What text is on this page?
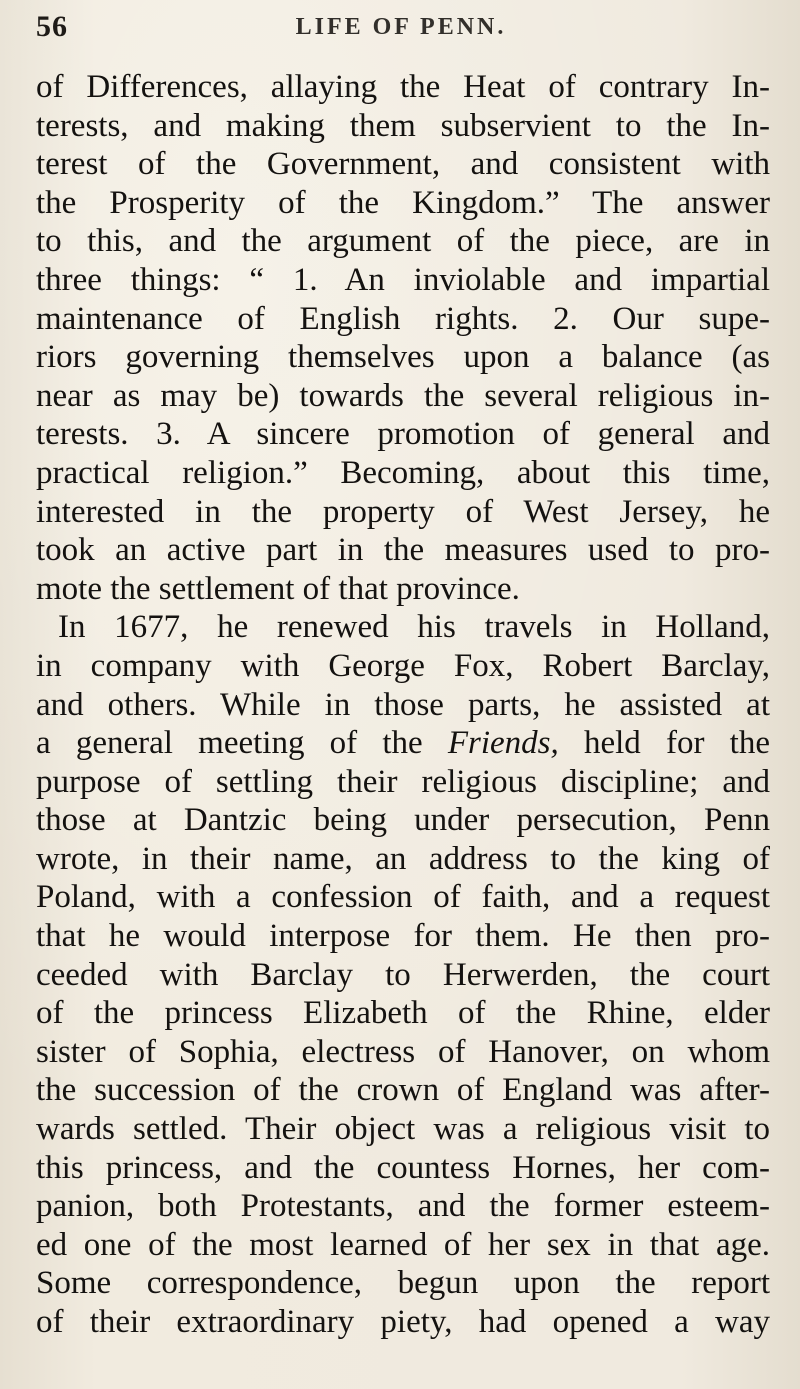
56	LIFE OF PENN.
of Differences, allaying the Heat of contrary In-
terests, and making them subservient to the In-
terest of the Government, and consistent with
the Prosperity of the Kingdom.” The answer
to this, and the argument of the piece, are in
three things: “ 1. An inviolable and impartial
maintenance of English rights. 2. Our supe-
riors governing themselves upon a balance (as
near as may be) towards the several religious in-
terests. 3. A sincere promotion of general and
practical religion.” Becoming, about this time,
interested in the property of West Jersey, he
took an active part in the measures used to pro-
mote the settlement of that province.
In 1677, he renewed his travels in Holland,
in company with George Fox, Robert Barclay,
and others. While in those parts, he assisted at
a general meeting of the Friends, held for the
purpose of settling their religious discipline; and
those at Dantzic being under persecution, Penn
wrote, in their name, an address to the king of
Poland, with a confession of faith, and a request
that he would interpose for them. He then pro-
ceeded with Barclay to Herwerden, the court
of the princess Elizabeth of the Rhine, elder
sister of Sophia, electress of Hanover, on whom
the succession of the crown of England was after-
wards settled. Their object was a religious visit to
this princess, and the countess Hornes, her com-
panion, both Protestants, and the former esteem-
ed one of the most learned of her sex in that age.
Some correspondence, begun upon the report
of their extraordinary piety, had opened a way
